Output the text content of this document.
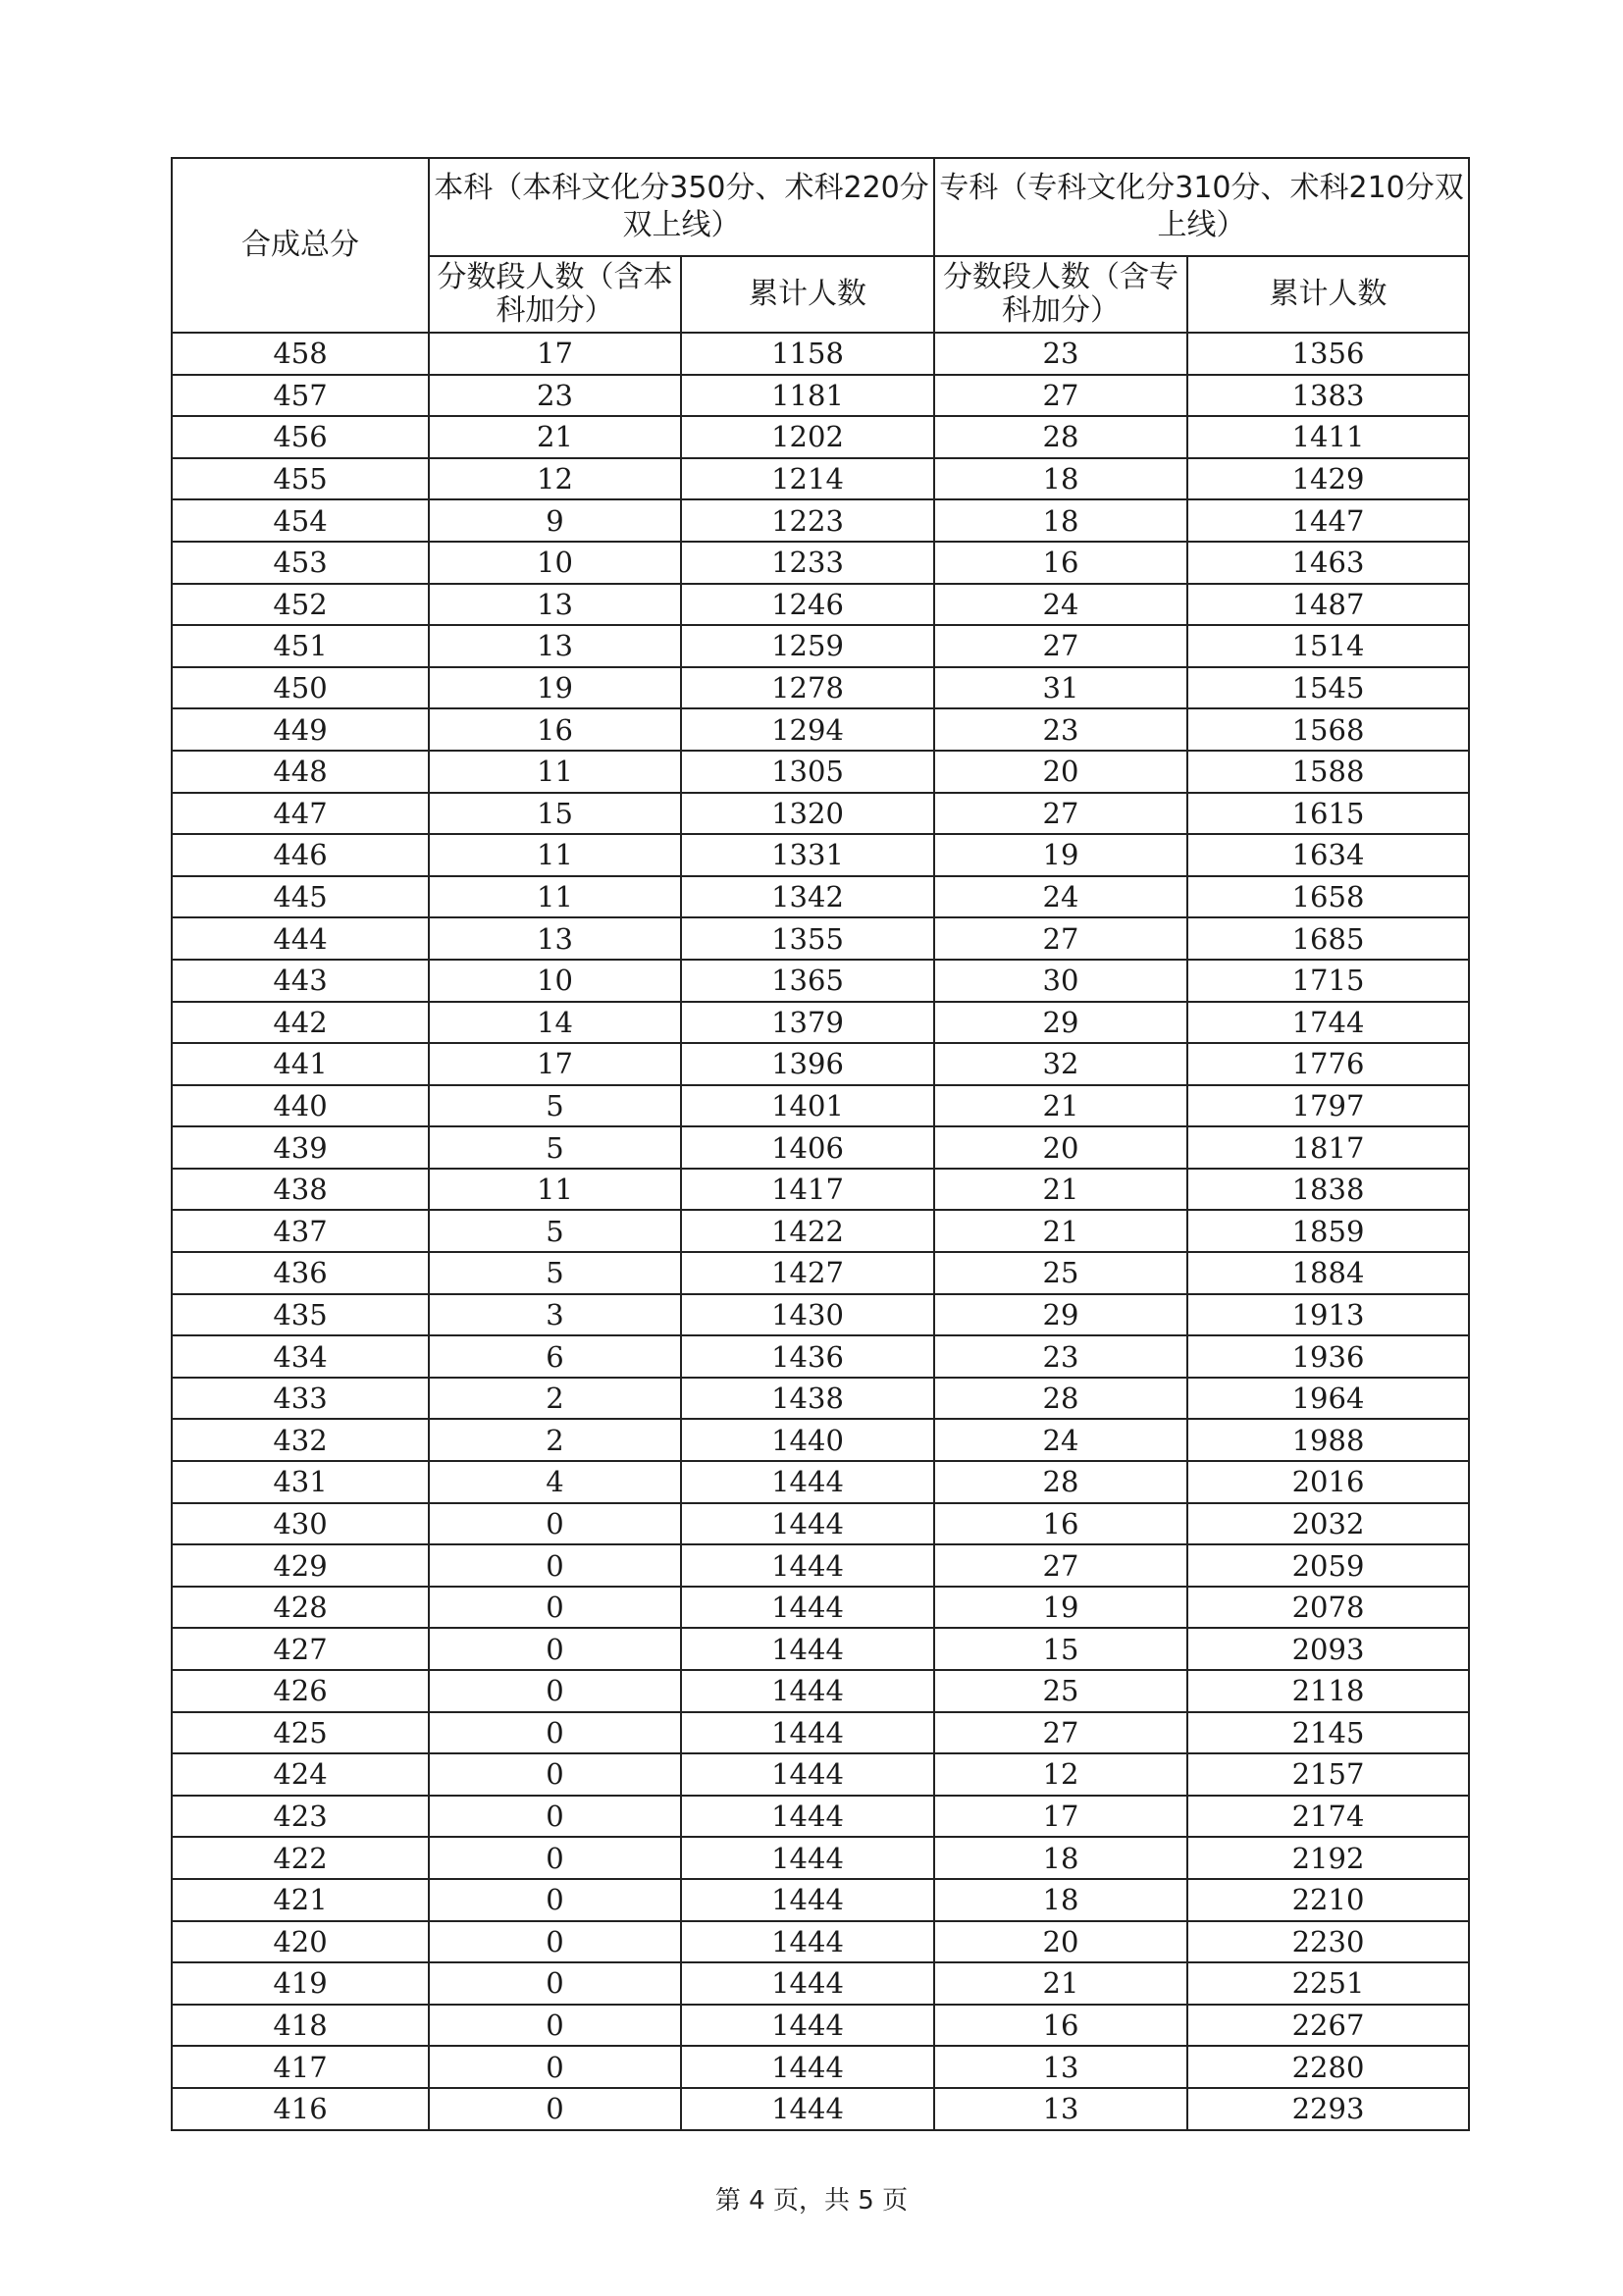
合成总分	本科（本科文化分350分、术科220分双上线）		专科（专科文化分310分、术科210分双上线）	
	分数段人数（含本科加分）	累计人数	分数段人数（含专科加分）	累计人数
458	17	1158	23	1356
457	23	1181	27	1383
456	21	1202	28	1411
455	12	1214	18	1429
454	9	1223	18	1447
453	10	1233	16	1463
452	13	1246	24	1487
451	13	1259	27	1514
450	19	1278	31	1545
449	16	1294	23	1568
448	11	1305	20	1588
447	15	1320	27	1615
446	11	1331	19	1634
445	11	1342	24	1658
444	13	1355	27	1685
443	10	1365	30	1715
442	14	1379	29	1744
441	17	1396	32	1776
440	5	1401	21	1797
439	5	1406	20	1817
438	11	1417	21	1838
437	5	1422	21	1859
436	5	1427	25	1884
435	3	1430	29	1913
434	6	1436	23	1936
433	2	1438	28	1964
432	2	1440	24	1988
431	4	1444	28	2016
430	0	1444	16	2032
429	0	1444	27	2059
428	0	1444	19	2078
427	0	1444	15	2093
426	0	1444	25	2118
425	0	1444	27	2145
424	0	1444	12	2157
423	0	1444	17	2174
422	0	1444	18	2192
421	0	1444	18	2210
420	0	1444	20	2230
419	0	1444	21	2251
418	0	1444	16	2267
417	0	1444	13	2280
416	0	1444	13	2293
第 4 页，共 5 页
